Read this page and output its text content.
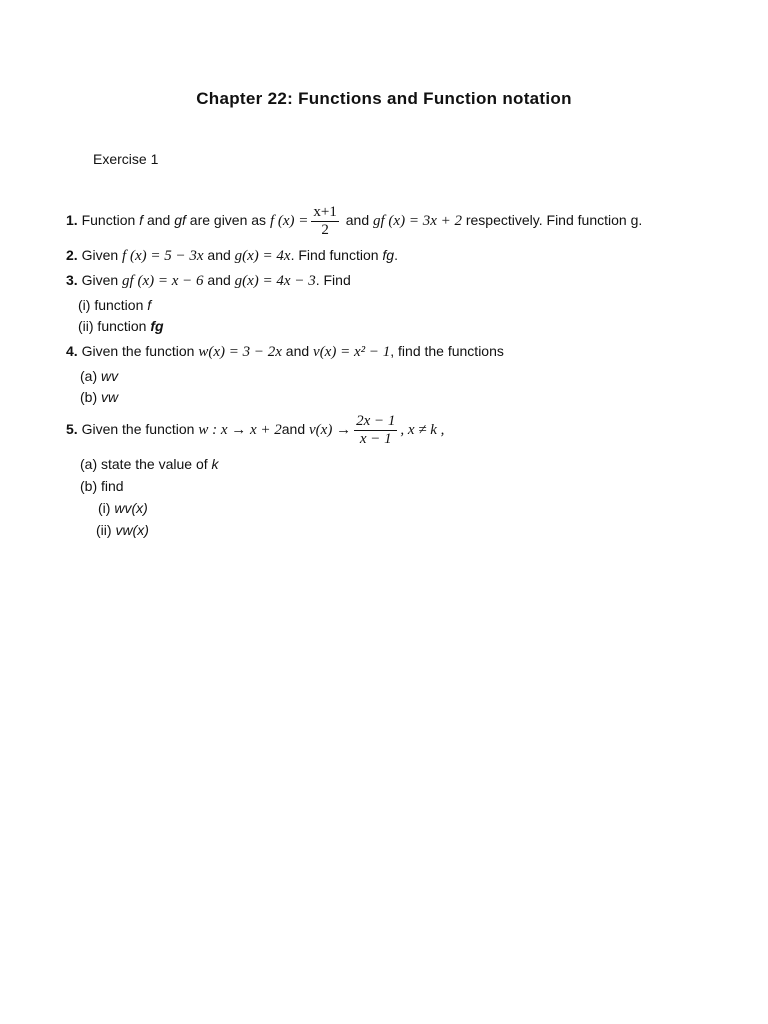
Chapter 22: Functions and Function notation
Exercise 1
1. Function f and gf are given as f $(x) = \frac{x+1}{2}$ and gf (x) = 3x + 2 respectively. Find function g.
2. Given f (x) = 5 − 3x and g(x) = 4x. Find function fg.
3. Given gf (x) = x − 6 and g(x) = 4x − 3. Find
(i) function f
(ii) function fg
4. Given the function w(x) = 3 − 2x and v(x) = x² − 1, find the functions
(a) wv
(b) vw
5. Given the function w : x → x + 2and $v(x) \to \frac{2x - 1}{x - 1}$ , x ≠ k ,
(a) state the value of k
(b) find
(i) wv(x)
(ii) vw(x)
